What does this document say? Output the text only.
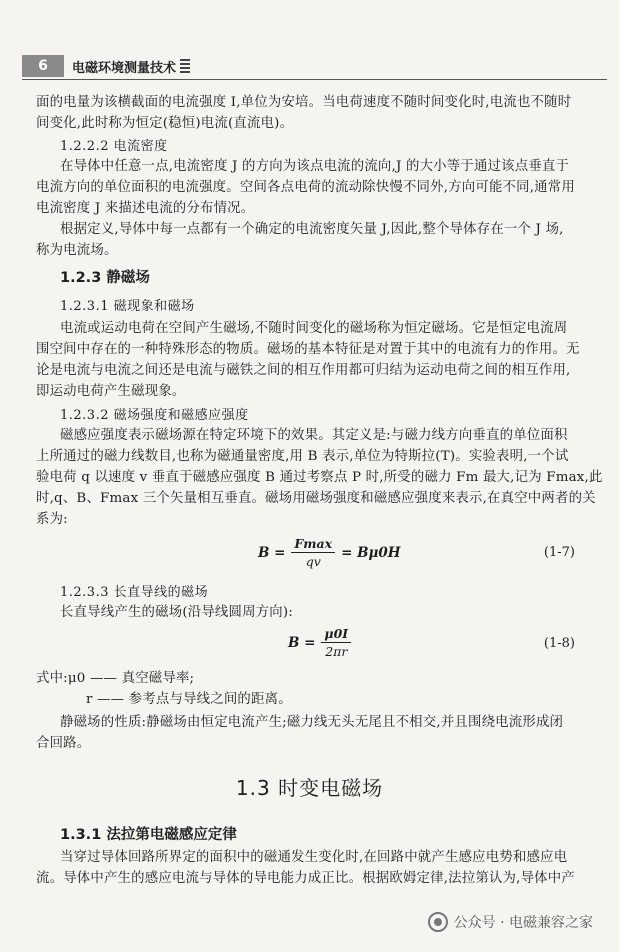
6	电磁环境测量技术
面的电量为该横截面的电流强度 I,单位为安培。当电荷速度不随时间变化时,电流也不随时
间变化,此时称为恒定(稳恒)电流(直流电)。
1.2.2.2 电流密度
在导体中任意一点,电流密度 J 的方向为该点电流的流向,J 的大小等于通过该点垂直于
电流方向的单位面积的电流强度。空间各点电荷的流动除快慢不同外,方向可能不同,通常用
电流密度 J 来描述电流的分布情况。
根据定义,导体中每一点都有一个确定的电流密度矢量 J,因此,整个导体存在一个 J 场,
称为电流场。
1.2.3 静磁场
1.2.3.1 磁现象和磁场
电流或运动电荷在空间产生磁场,不随时间变化的磁场称为恒定磁场。它是恒定电流周
围空间中存在的一种特殊形态的物质。磁场的基本特征是对置于其中的电流有力的作用。无
论是电流与电流之间还是电流与磁铁之间的相互作用都可归结为运动电荷之间的相互作用,
即运动电荷产生磁现象。
1.2.3.2 磁场强度和磁感应强度
磁感应强度表示磁场源在特定环境下的效果。其定义是:与磁力线方向垂直的单位面积
上所通过的磁力线数目,也称为磁通量密度,用 B 表示,单位为特斯拉(T)。实验表明,一个试
验电荷 q 以速度 v 垂直于磁感应强度 B 通过考察点 P 时,所受的磁力 Fm 最大,记为 Fmax,此
时,q、B、Fmax 三个矢量相互垂直。磁场用磁场强度和磁感应强度来表示,在真空中两者的关
系为:
$B = \frac{Fmax}{qv} = B\mu 0H$	(1-7)
1.2.3.3 长直导线的磁场
长直导线产生的磁场(沿导线圆周方向):
$B = \frac{\mu 0I}{2\pi r}$	(1-8)
式中:μ0 —— 真空磁导率;
r —— 参考点与导线之间的距离。
静磁场的性质:静磁场由恒定电流产生;磁力线无头无尾且不相交,并且围绕电流形成闭
合回路。
1.3 时变电磁场
1.3.1 法拉第电磁感应定律
当穿过导体回路所界定的面积中的磁通发生变化时,在回路中就产生感应电势和感应电
流。导体中产生的感应电流与导体的导电能力成正比。根据欧姆定律,法拉第认为,导体中产
公众号 · 电磁兼容之家
